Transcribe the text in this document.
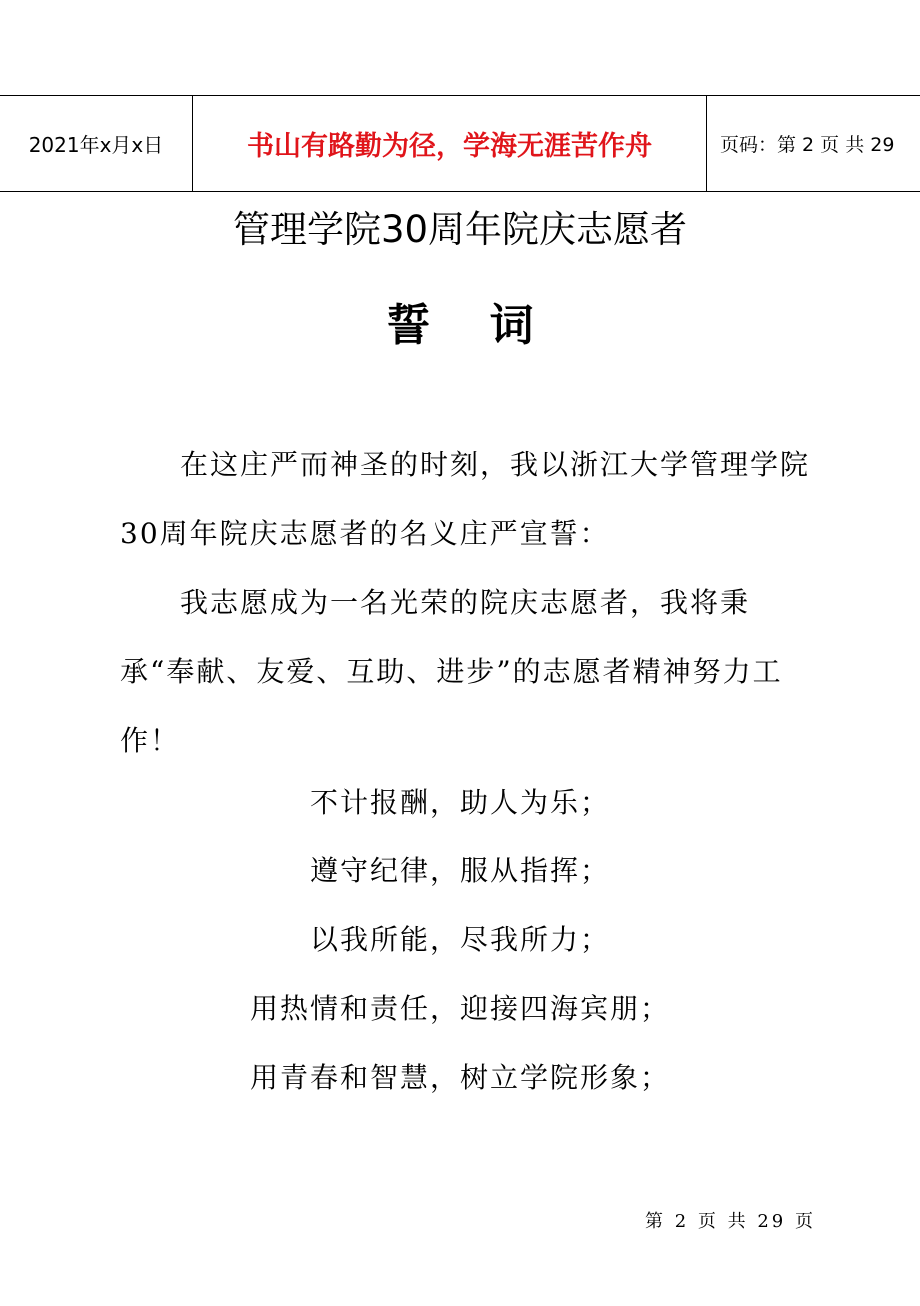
2021年x月x日	书山有路勤为径，学海无涯苦作舟	页码：第 2 页 共 29
管理学院30周年院庆志愿者
誓 词
在这庄严而神圣的时刻，我以浙江大学管理学院30周年院庆志愿者的名义庄严宣誓：
我志愿成为一名光荣的院庆志愿者，我将秉承“奉献、友爱、互助、进步”的志愿者精神努力工作！
不计报酬，助人为乐；
遵守纪律，服从指挥；
以我所能，尽我所力；
用热情和责任，迎接四海宾朋；
用青春和智慧，树立学院形象；
第 2 页 共 29 页
